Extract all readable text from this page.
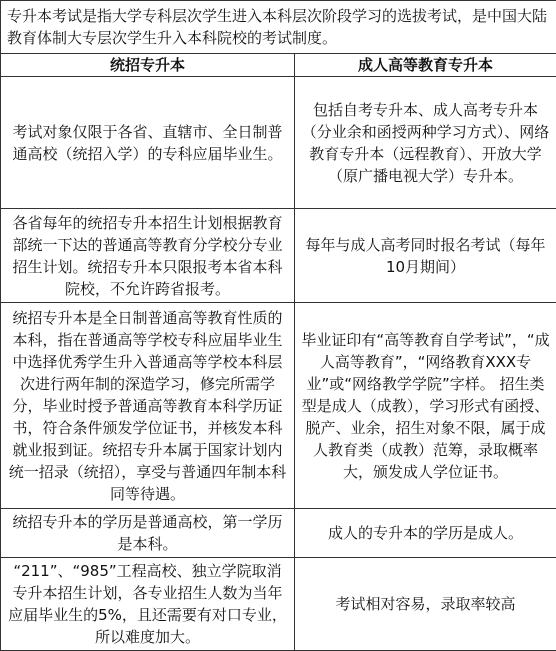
专升本考试是指大学专科层次学生进入本科层次阶段学习的选拔考试，是中国大陆教育体制大专层次学生升入本科院校的考试制度。	
统招专升本	成人高等教育专升本
考试对象仅限于各省、直辖市、全日制普通高校（统招入学）的专科应届毕业生。	包括自考专升本、成人高考专升本（分业余和函授两种学习方式）、网络教育专升本（远程教育）、开放大学（原广播电视大学）专升本。
各省每年的统招专升本招生计划根据教育部统一下达的普通高等教育分学校分专业招生计划。统招专升本只限报考本省本科院校，不允许跨省报考。	每年与成人高考同时报名考试（每年10月期间）
统招专升本是全日制普通高等教育性质的本科，指在普通高等学校专科应届毕业生中选择优秀学生升入普通高等学校本科层次进行两年制的深造学习，修完所需学分，毕业时授予普通高等教育本科学历证书，符合条件颁发学位证书，并核发本科就业报到证。统招专升本属于国家计划内统一招录（统招），享受与普通四年制本科同等待遇。	毕业证印有“高等教育自学考试”，“成人高等教育”，“网络教育XXX专业”或“网络教学学院”字样。 招生类型是成人（成教），学习形式有函授、脱产、业余，招生对象不限，属于成人教育类（成教）范筹，录取概率大，颁发成人学位证书。
统招专升本的学历是普通高校，第一学历是本科。	成人的专升本的学历是成人。
“211”、“985”工程高校、独立学院取消专升本招生计划，各专业招生人数为当年应届毕业生的5%，且还需要有对口专业，所以难度加大。	考试相对容易，录取率较高
